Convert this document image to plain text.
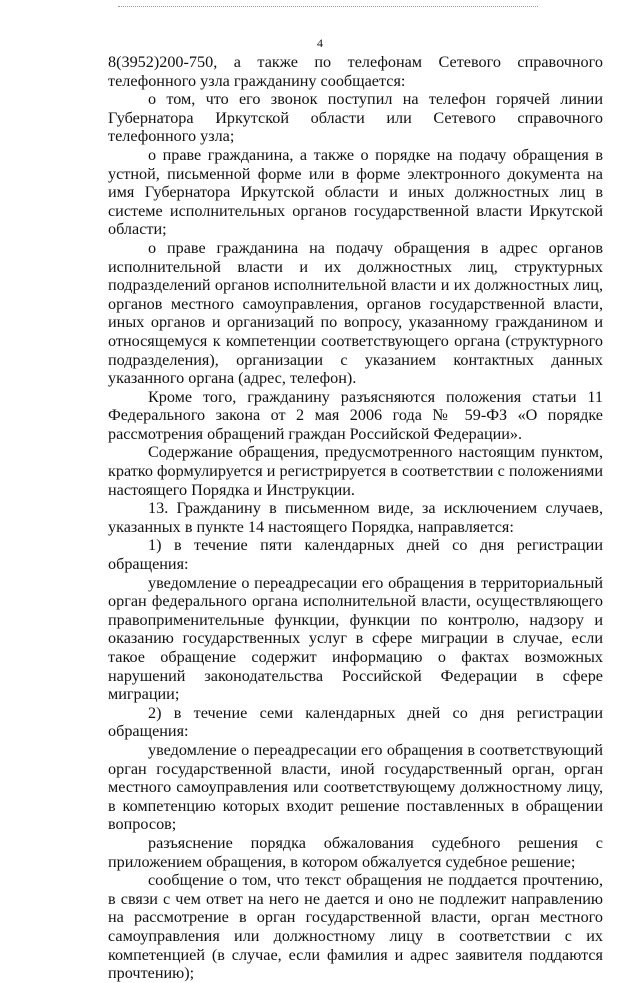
4

8(3952)200-750, а также по телефонам Сетевого справочного телефонного узла гражданину сообщается:

о том, что его звонок поступил на телефон горячей линии Губернатора Иркутской области или Сетевого справочного телефонного узла;

о праве гражданина, а также о порядке на подачу обращения в устной, письменной форме или в форме электронного документа на имя Губернатора Иркутской области и иных должностных лиц в системе исполнительных органов государственной власти Иркутской области;

о праве гражданина на подачу обращения в адрес органов исполнительной власти и их должностных лиц, структурных подразделений органов исполнительной власти и их должностных лиц, органов местного самоуправления, органов государственной власти, иных органов и организаций по вопросу, указанному гражданином и относящемуся к компетенции соответствующего органа (структурного подразделения), организации с указанием контактных данных указанного органа (адрес, телефон).

Кроме того, гражданину разъясняются положения статьи 11 Федерального закона от 2 мая 2006 года № 59-ФЗ «О порядке рассмотрения обращений граждан Российской Федерации».

Содержание обращения, предусмотренного настоящим пунктом, кратко формулируется и регистрируется в соответствии с положениями настоящего Порядка и Инструкции.

13. Гражданину в письменном виде, за исключением случаев, указанных в пункте 14 настоящего Порядка, направляется:

1) в течение пяти календарных дней со дня регистрации обращения:

уведомление о переадресации его обращения в территориальный орган федерального органа исполнительной власти, осуществляющего правоприменительные функции, функции по контролю, надзору и оказанию государственных услуг в сфере миграции в случае, если такое обращение содержит информацию о фактах возможных нарушений законодательства Российской Федерации в сфере миграции;

2) в течение семи календарных дней со дня регистрации обращения:

уведомление о переадресации его обращения в соответствующий орган государственной власти, иной государственный орган, орган местного самоуправления или соответствующему должностному лицу, в компетенцию которых входит решение поставленных в обращении вопросов;

разъяснение порядка обжалования судебного решения с приложением обращения, в котором обжалуется судебное решение;

сообщение о том, что текст обращения не поддается прочтению, в связи с чем ответ на него не дается и оно не подлежит направлению на рассмотрение в орган государственной власти, орган местного самоуправления или должностному лицу в соответствии с их компетенцией (в случае, если фамилия и адрес заявителя поддаются прочтению);
